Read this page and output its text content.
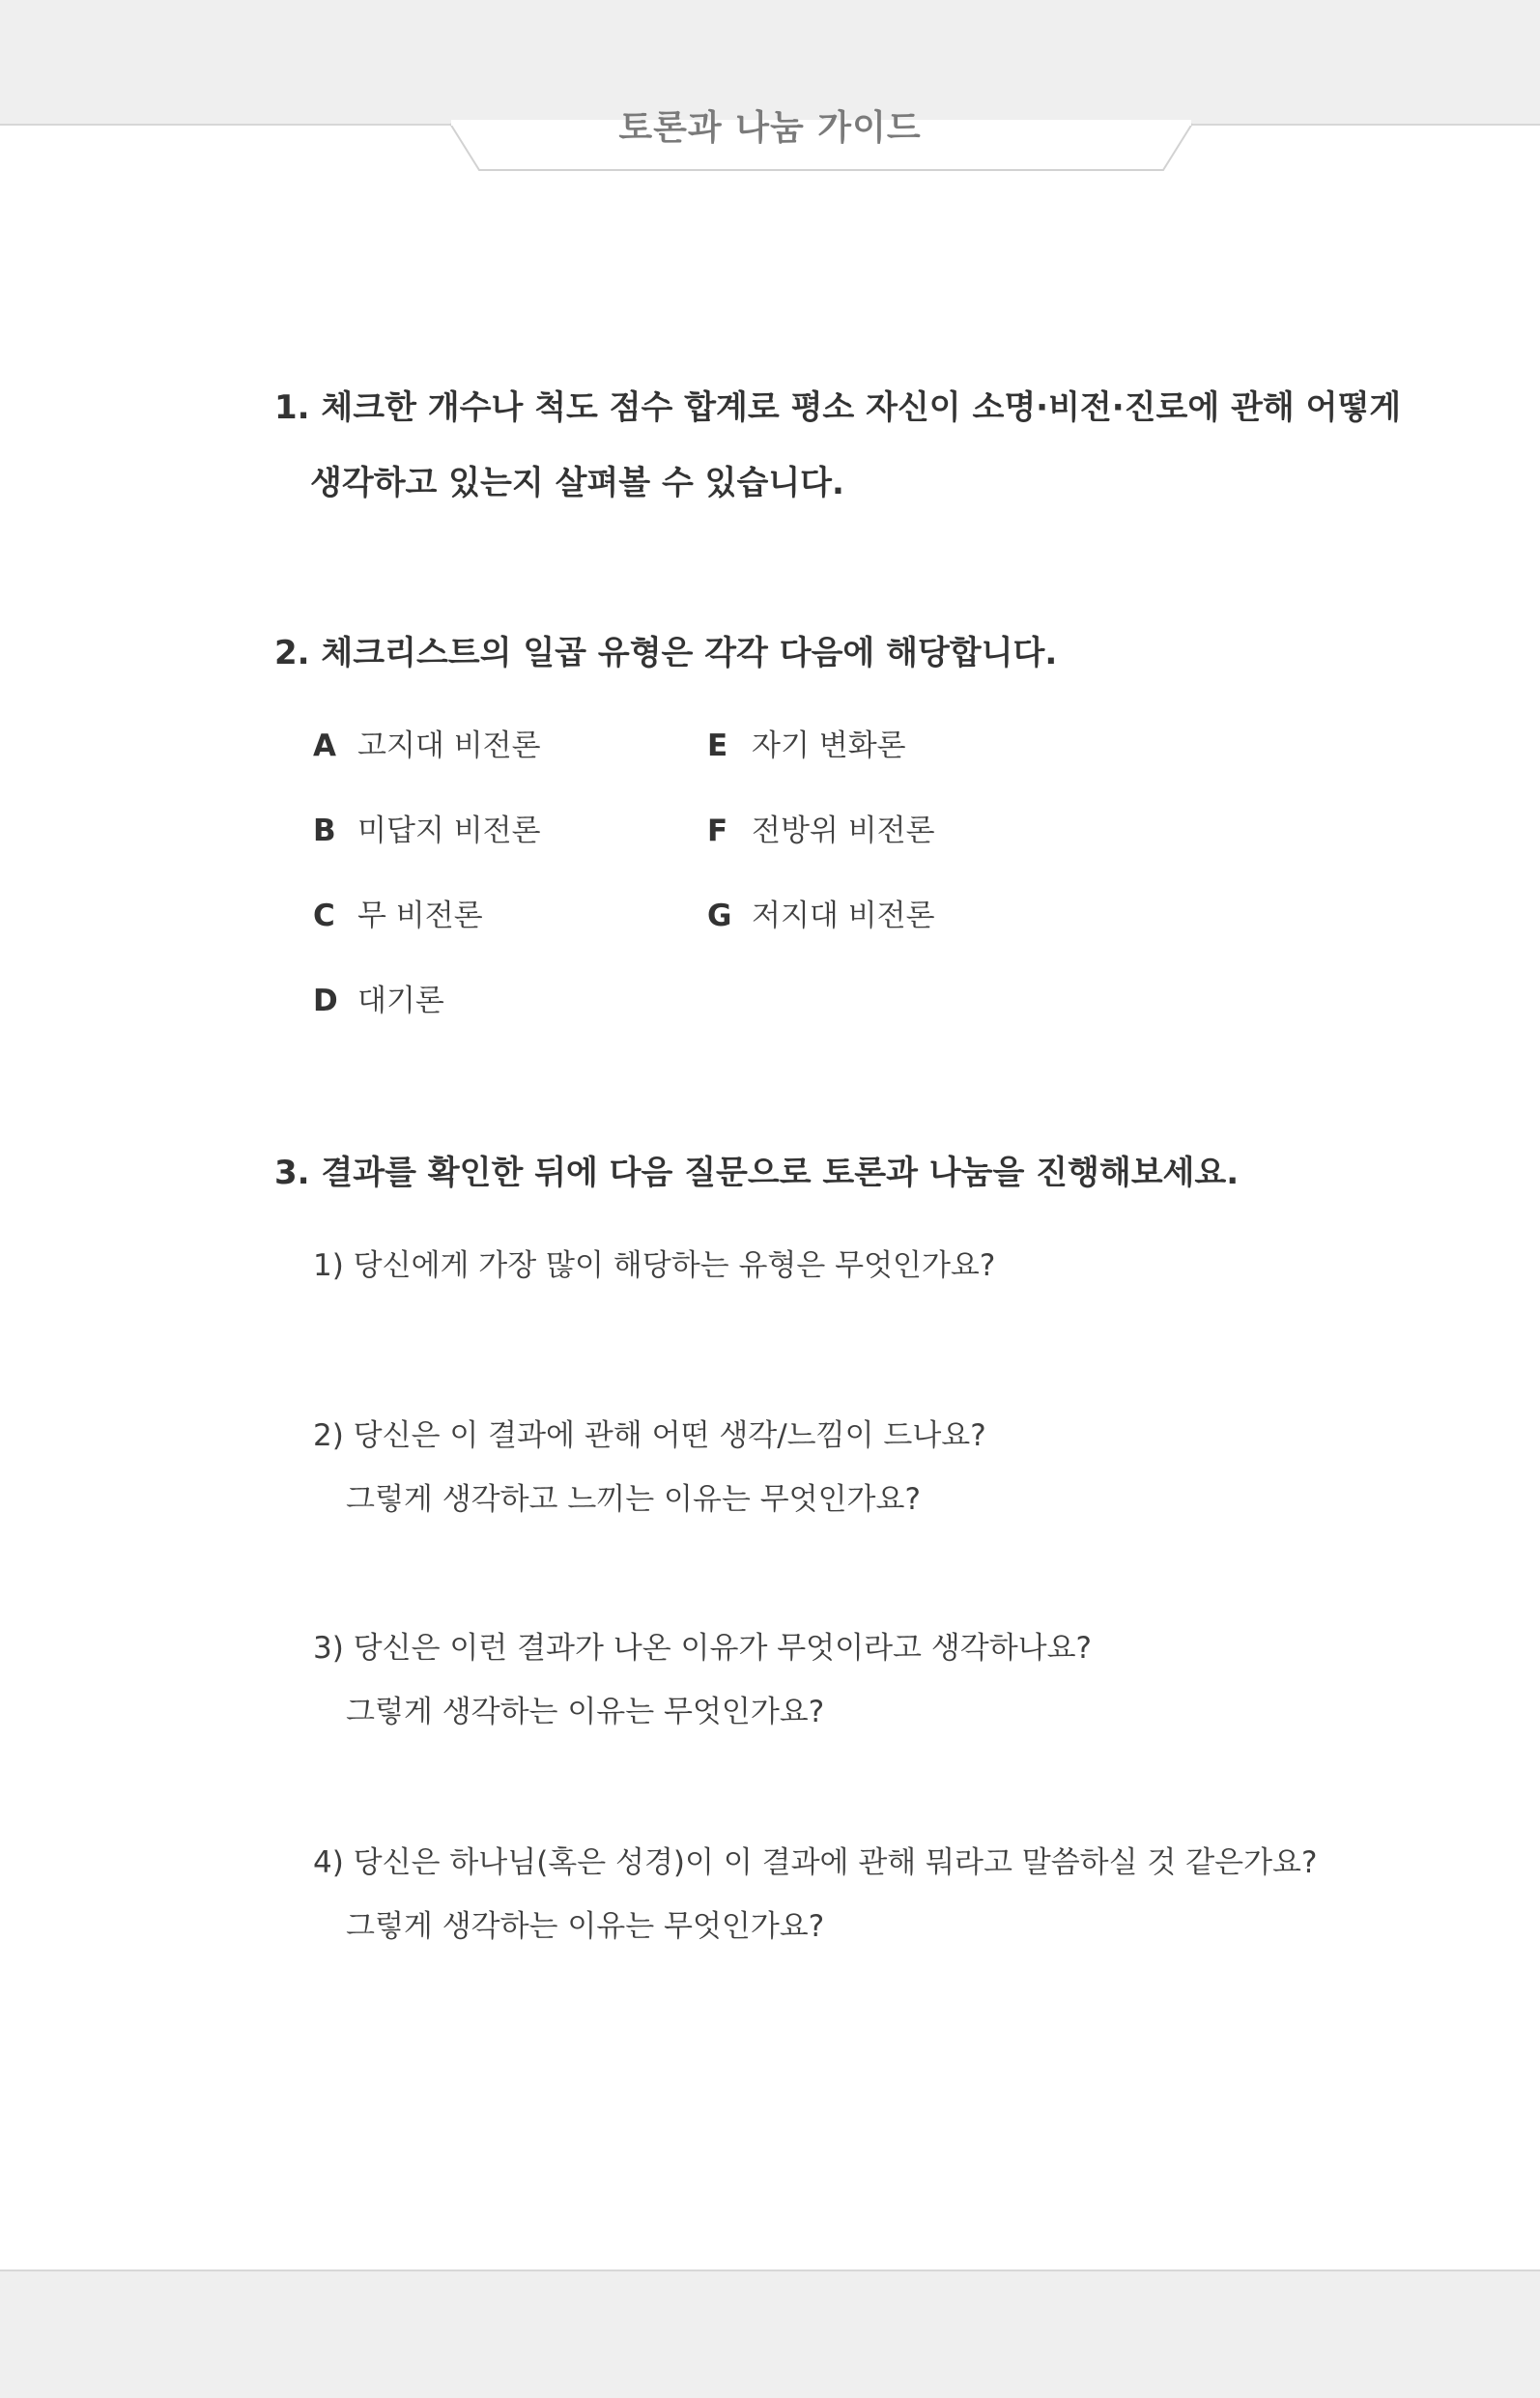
토론과 나눔 가이드
1. 체크한 개수나 척도 점수 합계로 평소 자신이 소명·비전·진로에 관해 어떻게
생각하고 있는지 살펴볼 수 있습니다.
2. 체크리스트의 일곱 유형은 각각 다음에 해당합니다.
A 고지대 비전론
B 미답지 비전론
C 무 비전론
D 대기론
E 자기 변화론
F 전방위 비전론
G 저지대 비전론
3. 결과를 확인한 뒤에 다음 질문으로 토론과 나눔을 진행해보세요.
1) 당신에게 가장 많이 해당하는 유형은 무엇인가요?
2) 당신은 이 결과에 관해 어떤 생각/느낌이 드나요?
그렇게 생각하고 느끼는 이유는 무엇인가요?
3) 당신은 이런 결과가 나온 이유가 무엇이라고 생각하나요?
그렇게 생각하는 이유는 무엇인가요?
4) 당신은 하나님(혹은 성경)이 이 결과에 관해 뭐라고 말씀하실 것 같은가요?
그렇게 생각하는 이유는 무엇인가요?
